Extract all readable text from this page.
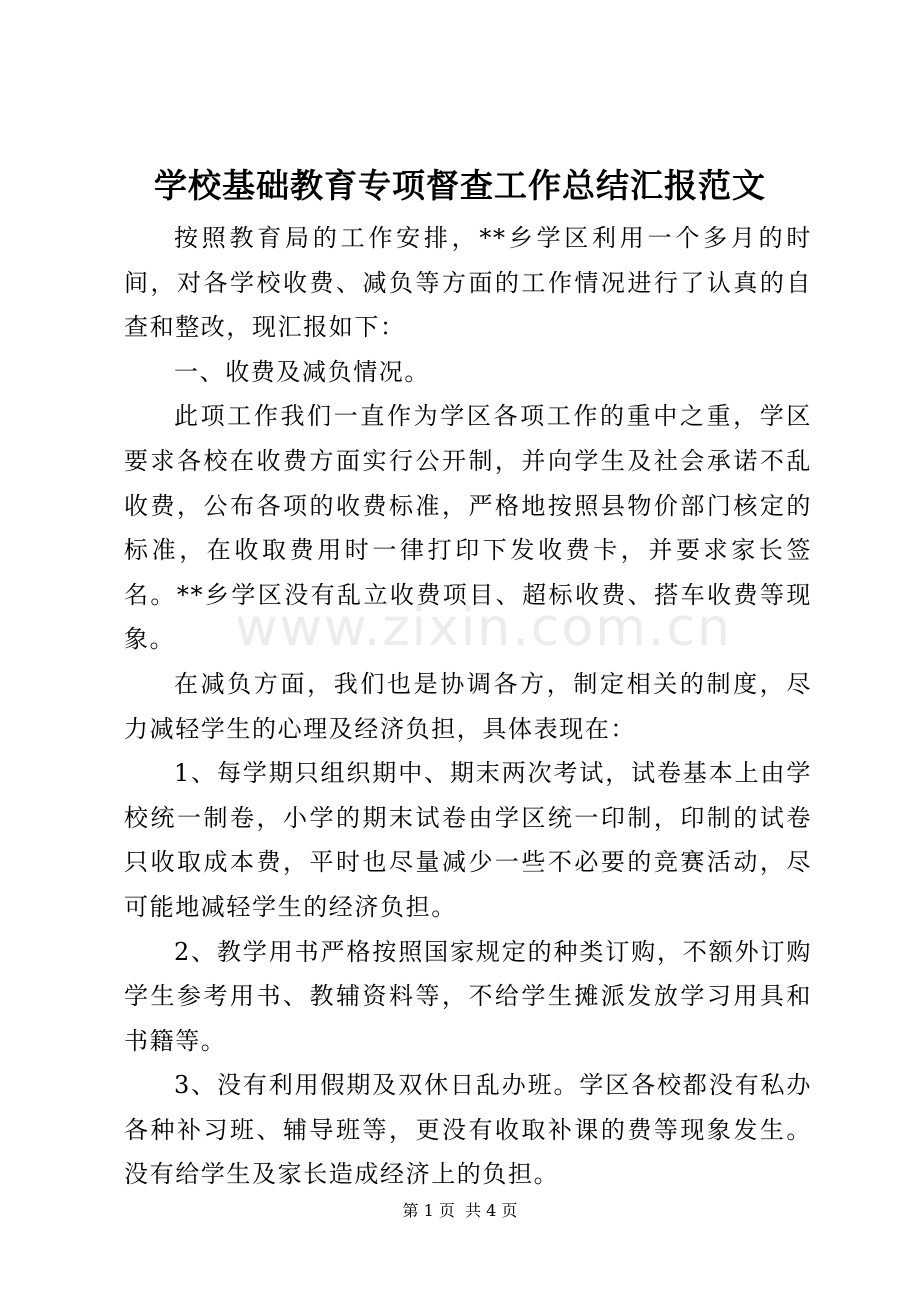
www.zixin.com.cn
学校基础教育专项督查工作总结汇报范文

按照教育局的工作安排，**乡学区利用一个多月的时间，对各学校收费、减负等方面的工作情况进行了认真的自查和整改，现汇报如下：

一、收费及减负情况。

此项工作我们一直作为学区各项工作的重中之重，学区要求各校在收费方面实行公开制，并向学生及社会承诺不乱收费，公布各项的收费标准，严格地按照县物价部门核定的标准，在收取费用时一律打印下发收费卡，并要求家长签名。**乡学区没有乱立收费项目、超标收费、搭车收费等现象。

在减负方面，我们也是协调各方，制定相关的制度，尽力减轻学生的心理及经济负担，具体表现在：

1、每学期只组织期中、期末两次考试，试卷基本上由学校统一制卷，小学的期末试卷由学区统一印制，印制的试卷只收取成本费，平时也尽量减少一些不必要的竞赛活动，尽可能地减轻学生的经济负担。

2、教学用书严格按照国家规定的种类订购，不额外订购学生参考用书、教辅资料等，不给学生摊派发放学习用具和书籍等。

3、没有利用假期及双休日乱办班。学区各校都没有私办各种补习班、辅导班等，更没有收取补课的费等现象发生。没有给学生及家长造成经济上的负担。

第 1 页  共 4 页
